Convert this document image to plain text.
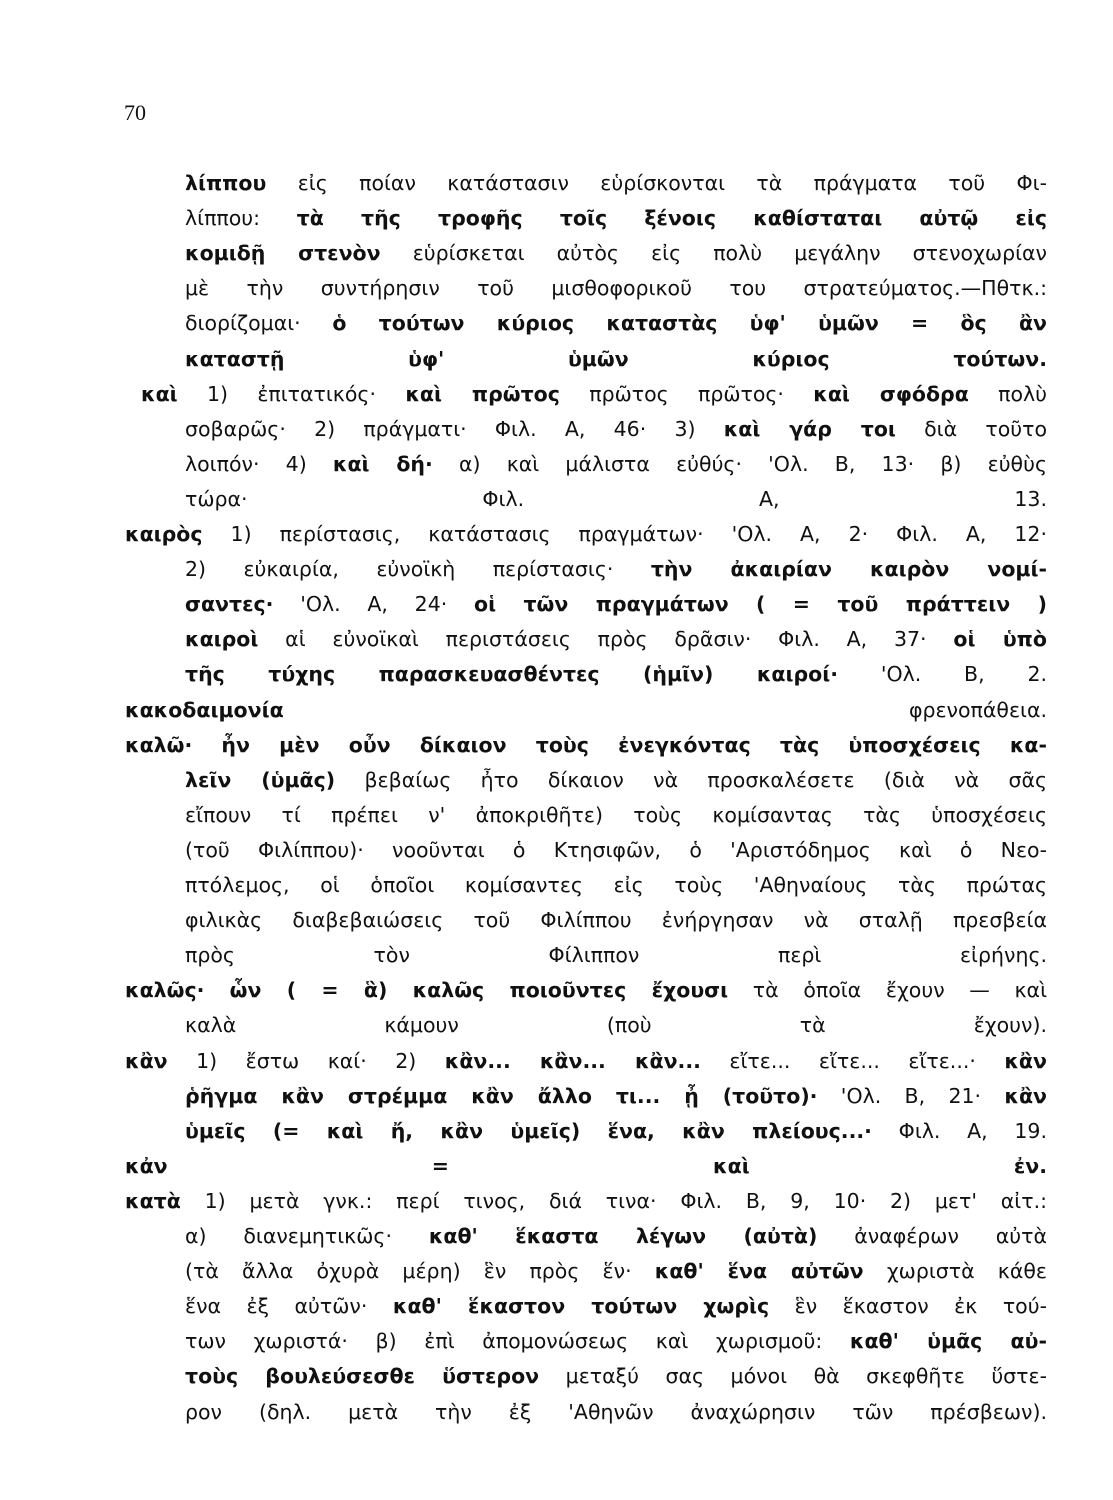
70
λίππου εἰς ποίαν κατάστασιν εὑρίσκονται τὰ πράγματα τοῦ Φι-
λίππου: τὰ τῆς τροφῆς τοῖς ξένοις καθίσταται αὐτῷ εἰς
κομιδῇ στενὸν εὑρίσκεται αὐτὸς εἰς πολὺ μεγάλην στενοχωρίαν
μὲ τὴν συντήρησιν τοῦ μισθοφορικοῦ του στρατεύματος.—Πθτκ.:
διορίζομαι· ὁ τούτων κύριος καταστὰς ὑφ' ὑμῶν = ὃς ἂν
καταστῇ ὑφ' ὑμῶν κύριος τούτων.
καὶ 1) ἐπιτατικός· καὶ πρῶτος πρῶτος πρῶτος· καὶ σφόδρα πολὺ
σοβαρῶς· 2) πράγματι· Φιλ. Α, 46· 3) καὶ γάρ τοι διὰ τοῦτο
λοιπόν· 4) καὶ δή· α) καὶ μάλιστα εὐθύς· 'Ολ. Β, 13· β) εὐθὺς
τώρα· Φιλ. Α, 13.
καιρὸς 1) περίστασις, κατάστασις πραγμάτων· 'Ολ. Α, 2· Φιλ. Α, 12·
2) εὐκαιρία, εὐνοϊκὴ περίστασις· τὴν ἀκαιρίαν καιρὸν νομί-
σαντες· 'Ολ. Α, 24· οἱ τῶν πραγμάτων ( = τοῦ πράττειν )
καιροὶ αἱ εὐνοϊκαὶ περιστάσεις πρὸς δρᾶσιν· Φιλ. Α, 37· οἱ ὑπὸ
τῆς τύχης παρασκευασθέντες (ἡμῖν) καιροί· 'Ολ. Β, 2.
κακοδαιμονία φρενοπάθεια.
καλῶ· ἦν μὲν οὖν δίκαιον τοὺς ἐνεγκόντας τὰς ὑποσχέσεις κα-
λεῖν (ὑμᾶς) βεβαίως ἦτο δίκαιον νὰ προσκαλέσετε (διὰ νὰ σᾶς
εἴπουν τί πρέπει ν' ἀποκριθῆτε) τοὺς κομίσαντας τὰς ὑποσχέσεις
(τοῦ Φιλίππου)· νοοῦνται ὁ Κτησιφῶν, ὁ 'Αριστόδημος καὶ ὁ Νεο-
πτόλεμος, οἱ ὁποῖοι κομίσαντες εἰς τοὺς 'Αθηναίους τὰς πρώτας
φιλικὰς διαβεβαιώσεις τοῦ Φιλίππου ἐνήργησαν νὰ σταλῇ πρεσβεία
πρὸς τὸν Φίλιππον περὶ εἰρήνης.
καλῶς· ὧν ( = ἃ) καλῶς ποιοῦντες ἔχουσι τὰ ὁποῖα ἔχουν — καὶ
καλὰ κάμουν (ποὺ τὰ ἔχουν).
κἂν 1) ἔστω καί· 2) κἂν... κἂν... κἂν... εἴτε... εἴτε... εἴτε...· κἂν
ῥῆγμα κἂν στρέμμα κἂν ἄλλο τι... ᾖ (τοῦτο)· 'Ολ. Β, 21· κἂν
ὑμεῖς (= καὶ ἤ, κἂν ὑμεῖς) ἕνα, κἂν πλείους...· Φιλ. Α, 19.
κἀν = καὶ ἐν.
κατὰ 1) μετὰ γνκ.: περί τινος, διά τινα· Φιλ. Β, 9, 10· 2) μετ' αἰτ.:
α) διανεμητικῶς· καθ' ἕκαστα λέγων (αὐτὰ) ἀναφέρων αὐτὰ
(τὰ ἄλλα ὀχυρὰ μέρη) ἓν πρὸς ἕν· καθ' ἕνα αὐτῶν χωριστὰ κάθε
ἕνα ἐξ αὐτῶν· καθ' ἕκαστον τούτων χωρὶς ἓν ἕκαστον ἐκ τού-
των χωριστά· β) ἐπὶ ἀπομονώσεως καὶ χωρισμοῦ: καθ' ὑμᾶς αὐ-
τοὺς βουλεύσεσθε ὕστερον μεταξύ σας μόνοι θὰ σκεφθῆτε ὕστε-
ρον (δηλ. μετὰ τὴν ἐξ 'Αθηνῶν ἀναχώρησιν τῶν πρέσβεων).
